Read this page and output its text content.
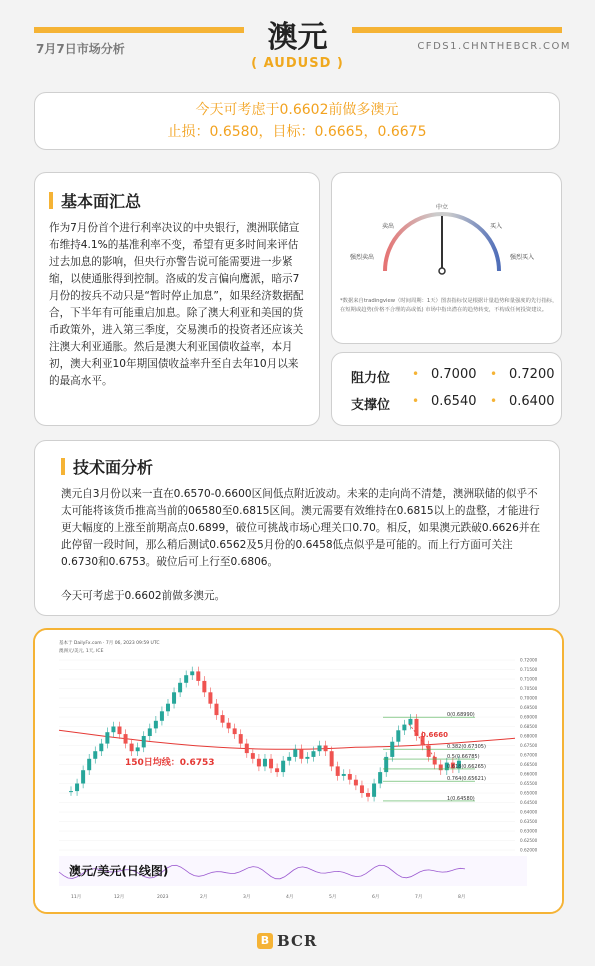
7月7日市场分析	澳元
( AUDUSD )
CFDS1.CHNTHEBCR.COM
今天可考虑于0.6602前做多澳元
止损：0.6580，目标：0.6665，0.6675
基本面汇总
作为7月份首个进行利率决议的中央银行，澳洲联储宣布维持4.1%的基准利率不变，希望有更多时间来评估过去加息的影响，但央行亦警告说可能需要进一步紧缩，以使通胀得到控制。洛威的发言偏向鹰派，暗示7月份的按兵不动只是“暂时停止加息”，如果经济数据配合，下半年有可能重启加息。除了澳大利亚和美国的货币政策外，进入第三季度，交易澳币的投资者还应该关注澳大利亚通胀。然后是澳大利亚国债收益率，本月初，澳大利亚10年期国债收益率升至自去年10月以来的最高水平。
中立
卖出	买入
强烈卖出	强烈买入
*数据来自tradingview（时间周期：1天）图表指标仅是根据计量趋势和量强度的先行指标，在短期或趋势(价格不合理的高或低) 市场中指出潜在的趋势转变，不构成任何投资建议。
阻力位 • 0.7000 • 0.7200
支撑位 • 0.6540 • 0.6400
技术面分析
澳元自3月份以来一直在0.6570-0.6600区间低点附近波动。未来的走向尚不清楚，澳洲联储的似乎不太可能将该货币推高当前的06580至0.6815区间。澳元需要有效维持在0.6815以上的盘整，才能进行更大幅度的上涨至前期高点0.6899，破位可挑战市场心理关口0.70。相反，如果澳元跌破0.6626并在此停留一段时间，那么稍后测试0.6562及5月份的0.6458低点似乎是可能的。而上行方面可关注 0.6730和0.6753。破位后可上行至0.6806。
今天可考虑于0.6602前做多澳元。
基本于 DailyFx.com · 7月 06, 2023 09:59 UTC
澳洲元/美元, 1天, ICE
0.72000
0.71500
0.71000
0.70500
0.70000
0.69500
0.69000
0.68500
0.68000
0.67500
0.67000
0.66500
0.66000
0.65500
0.65000
0.64500
0.64000
0.63500
0.63000
0.62500
0.62000
11月	12月	2023	2月	3月	4月	5月	6月	7月	8月
0(0.68990)
0.382(0.67305)
0.5(0.66785)
0.618(0.66265)
0.764(0.65621)
1(0.64580)
150日均线：0.6753
0.6660
澳元/美元(日线图)
B BCR
